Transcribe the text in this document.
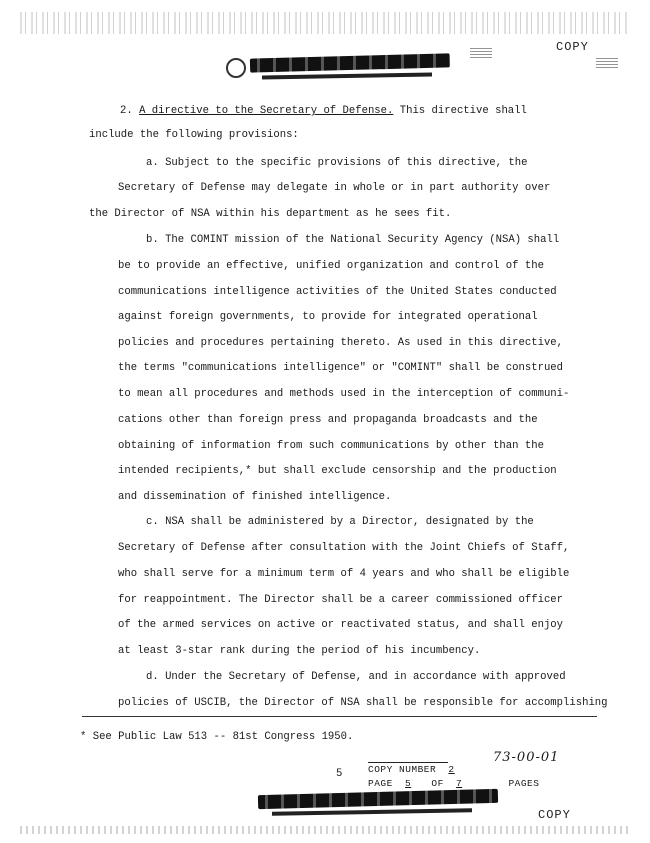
COPY
2. A directive to the Secretary of Defense. This directive shall
include the following provisions:
a. Subject to the specific provisions of this directive, the
Secretary of Defense may delegate in whole or in part authority over
the Director of NSA within his department as he sees fit.
b. The COMINT mission of the National Security Agency (NSA) shall
be to provide an effective, unified organization and control of the
communications intelligence activities of the United States conducted
against foreign governments, to provide for integrated operational
policies and procedures pertaining thereto. As used in this directive,
the terms "communications intelligence" or "COMINT" shall be construed
to mean all procedures and methods used in the interception of communi-
cations other than foreign press and propaganda broadcasts and the
obtaining of information from such communications by other than the
intended recipients,* but shall exclude censorship and the production
and dissemination of finished intelligence.
c. NSA shall be administered by a Director, designated by the
Secretary of Defense after consultation with the Joint Chiefs of Staff,
who shall serve for a minimum term of 4 years and who shall be eligible
for reappointment. The Director shall be a career commissioned officer
of the armed services on active or reactivated status, and shall enjoy
at least 3-star rank during the period of his incumbency.
d. Under the Secretary of Defense, and in accordance with approved
policies of USCIB, the Director of NSA shall be responsible for accomplishing
* See Public Law 513 -- 81st Congress 1950.
5
73-00-01
COPY NUMBER 2
PAGE 5 OF 7	PAGES
COPY
